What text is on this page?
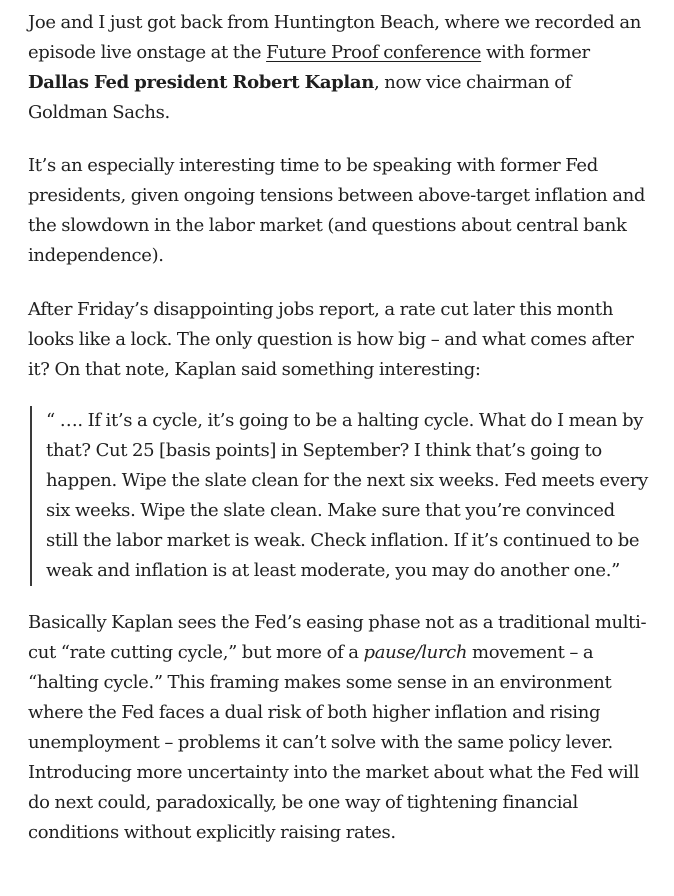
Joe and I just got back from Huntington Beach, where we recorded an episode live onstage at the Future Proof conference with former Dallas Fed president Robert Kaplan, now vice chairman of Goldman Sachs.

It’s an especially interesting time to be speaking with former Fed presidents, given ongoing tensions between above-target inflation and the slowdown in the labor market (and questions about central bank independence).

After Friday’s disappointing jobs report, a rate cut later this month looks like a lock. The only question is how big – and what comes after it? On that note, Kaplan said something interesting:

“ …. If it’s a cycle, it’s going to be a halting cycle. What do I mean by that? Cut 25 [basis points] in September? I think that’s going to happen. Wipe the slate clean for the next six weeks. Fed meets every six weeks. Wipe the slate clean. Make sure that you’re convinced still the labor market is weak. Check inflation. If it’s continued to be weak and inflation is at least moderate, you may do another one.”

Basically Kaplan sees the Fed’s easing phase not as a traditional multi-cut “rate cutting cycle,” but more of a pause/lurch movement – a “halting cycle.” This framing makes some sense in an environment where the Fed faces a dual risk of both higher inflation and rising unemployment – problems it can’t solve with the same policy lever. Introducing more uncertainty into the market about what the Fed will do next could, paradoxically, be one way of tightening financial conditions without explicitly raising rates.
